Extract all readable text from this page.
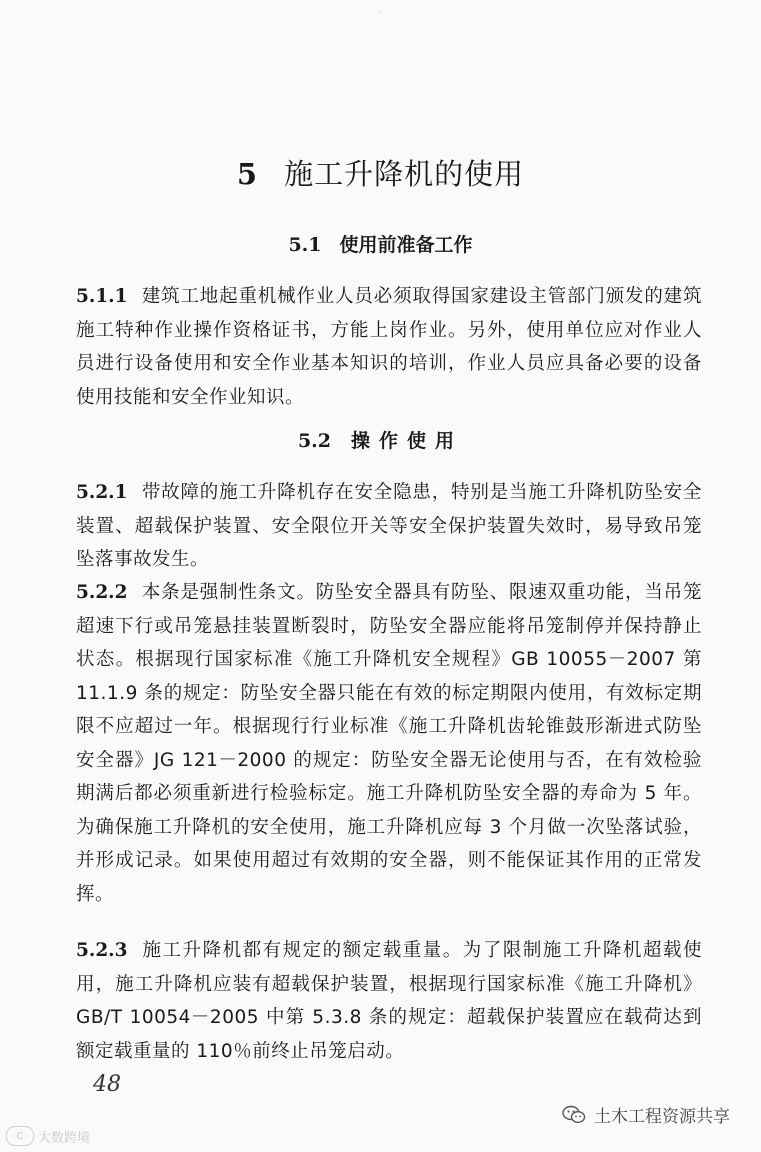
·
5 施工升降机的使用
5.1 使用前准备工作
5.1.1 建筑工地起重机械作业人员必须取得国家建设主管部门颁发的建筑施工特种作业操作资格证书，方能上岗作业。另外，使用单位应对作业人员进行设备使用和安全作业基本知识的培训，作业人员应具备必要的设备使用技能和安全作业知识。
5.2 操作使用
5.2.1 带故障的施工升降机存在安全隐患，特别是当施工升降机防坠安全装置、超载保护装置、安全限位开关等安全保护装置失效时，易导致吊笼坠落事故发生。
5.2.2 本条是强制性条文。防坠安全器具有防坠、限速双重功能，当吊笼超速下行或吊笼悬挂装置断裂时，防坠安全器应能将吊笼制停并保持静止状态。根据现行国家标准《施工升降机安全规程》GB 10055－2007 第 11.1.9 条的规定：防坠安全器只能在有效的标定期限内使用，有效标定期限不应超过一年。根据现行行业标准《施工升降机齿轮锥鼓形渐进式防坠安全器》JG 121－2000 的规定：防坠安全器无论使用与否，在有效检验期满后都必须重新进行检验标定。施工升降机防坠安全器的寿命为 5 年。为确保施工升降机的安全使用，施工升降机应每 3 个月做一次坠落试验，并形成记录。如果使用超过有效期的安全器，则不能保证其作用的正常发挥。
5.2.3 施工升降机都有规定的额定载重量。为了限制施工升降机超载使用，施工升降机应装有超载保护装置，根据现行国家标准《施工升降机》GB/T 10054－2005 中第 5.3.8 条的规定：超载保护装置应在载荷达到额定载重量的 110％前终止吊笼启动。
48
C	大数跨境
土木工程资源共享
